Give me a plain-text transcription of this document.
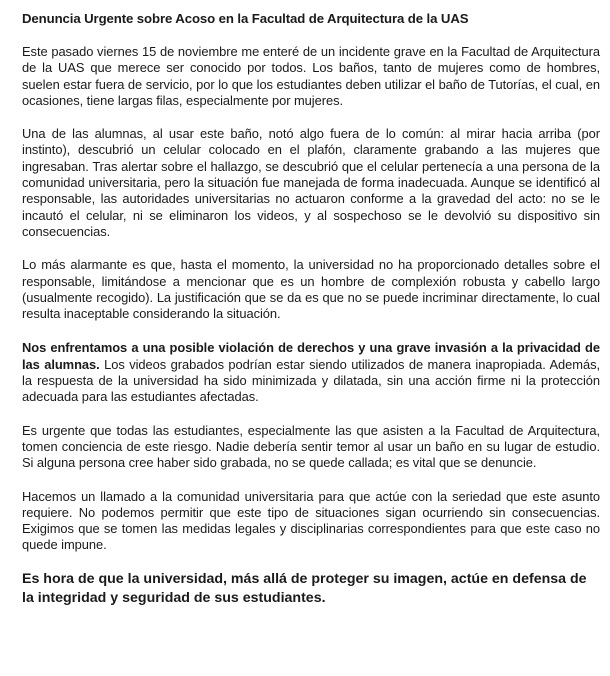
Denuncia Urgente sobre Acoso en la Facultad de Arquitectura de la UAS

Este pasado viernes 15 de noviembre me enteré de un incidente grave en la Facultad de Arquitectura de la UAS que merece ser conocido por todos. Los baños, tanto de mujeres como de hombres, suelen estar fuera de servicio, por lo que los estudiantes deben utilizar el baño de Tutorías, el cual, en ocasiones, tiene largas filas, especialmente por mujeres.

Una de las alumnas, al usar este baño, notó algo fuera de lo común: al mirar hacia arriba (por instinto), descubrió un celular colocado en el plafón, claramente grabando a las mujeres que ingresaban. Tras alertar sobre el hallazgo, se descubrió que el celular pertenecía a una persona de la comunidad universitaria, pero la situación fue manejada de forma inadecuada. Aunque se identificó al responsable, las autoridades universitarias no actuaron conforme a la gravedad del acto: no se le incautó el celular, ni se eliminaron los videos, y al sospechoso se le devolvió su dispositivo sin consecuencias.

Lo más alarmante es que, hasta el momento, la universidad no ha proporcionado detalles sobre el responsable, limitándose a mencionar que es un hombre de complexión robusta y cabello largo (usualmente recogido). La justificación que se da es que no se puede incriminar directamente, lo cual resulta inaceptable considerando la situación.

Nos enfrentamos a una posible violación de derechos y una grave invasión a la privacidad de las alumnas. Los videos grabados podrían estar siendo utilizados de manera inapropiada. Además, la respuesta de la universidad ha sido minimizada y dilatada, sin una acción firme ni la protección adecuada para las estudiantes afectadas.

Es urgente que todas las estudiantes, especialmente las que asisten a la Facultad de Arquitectura, tomen conciencia de este riesgo. Nadie debería sentir temor al usar un baño en su lugar de estudio. Si alguna persona cree haber sido grabada, no se quede callada; es vital que se denuncie.

Hacemos un llamado a la comunidad universitaria para que actúe con la seriedad que este asunto requiere. No podemos permitir que este tipo de situaciones sigan ocurriendo sin consecuencias. Exigimos que se tomen las medidas legales y disciplinarias correspondientes para que este caso no quede impune.

Es hora de que la universidad, más allá de proteger su imagen, actúe en defensa de la integridad y seguridad de sus estudiantes.
